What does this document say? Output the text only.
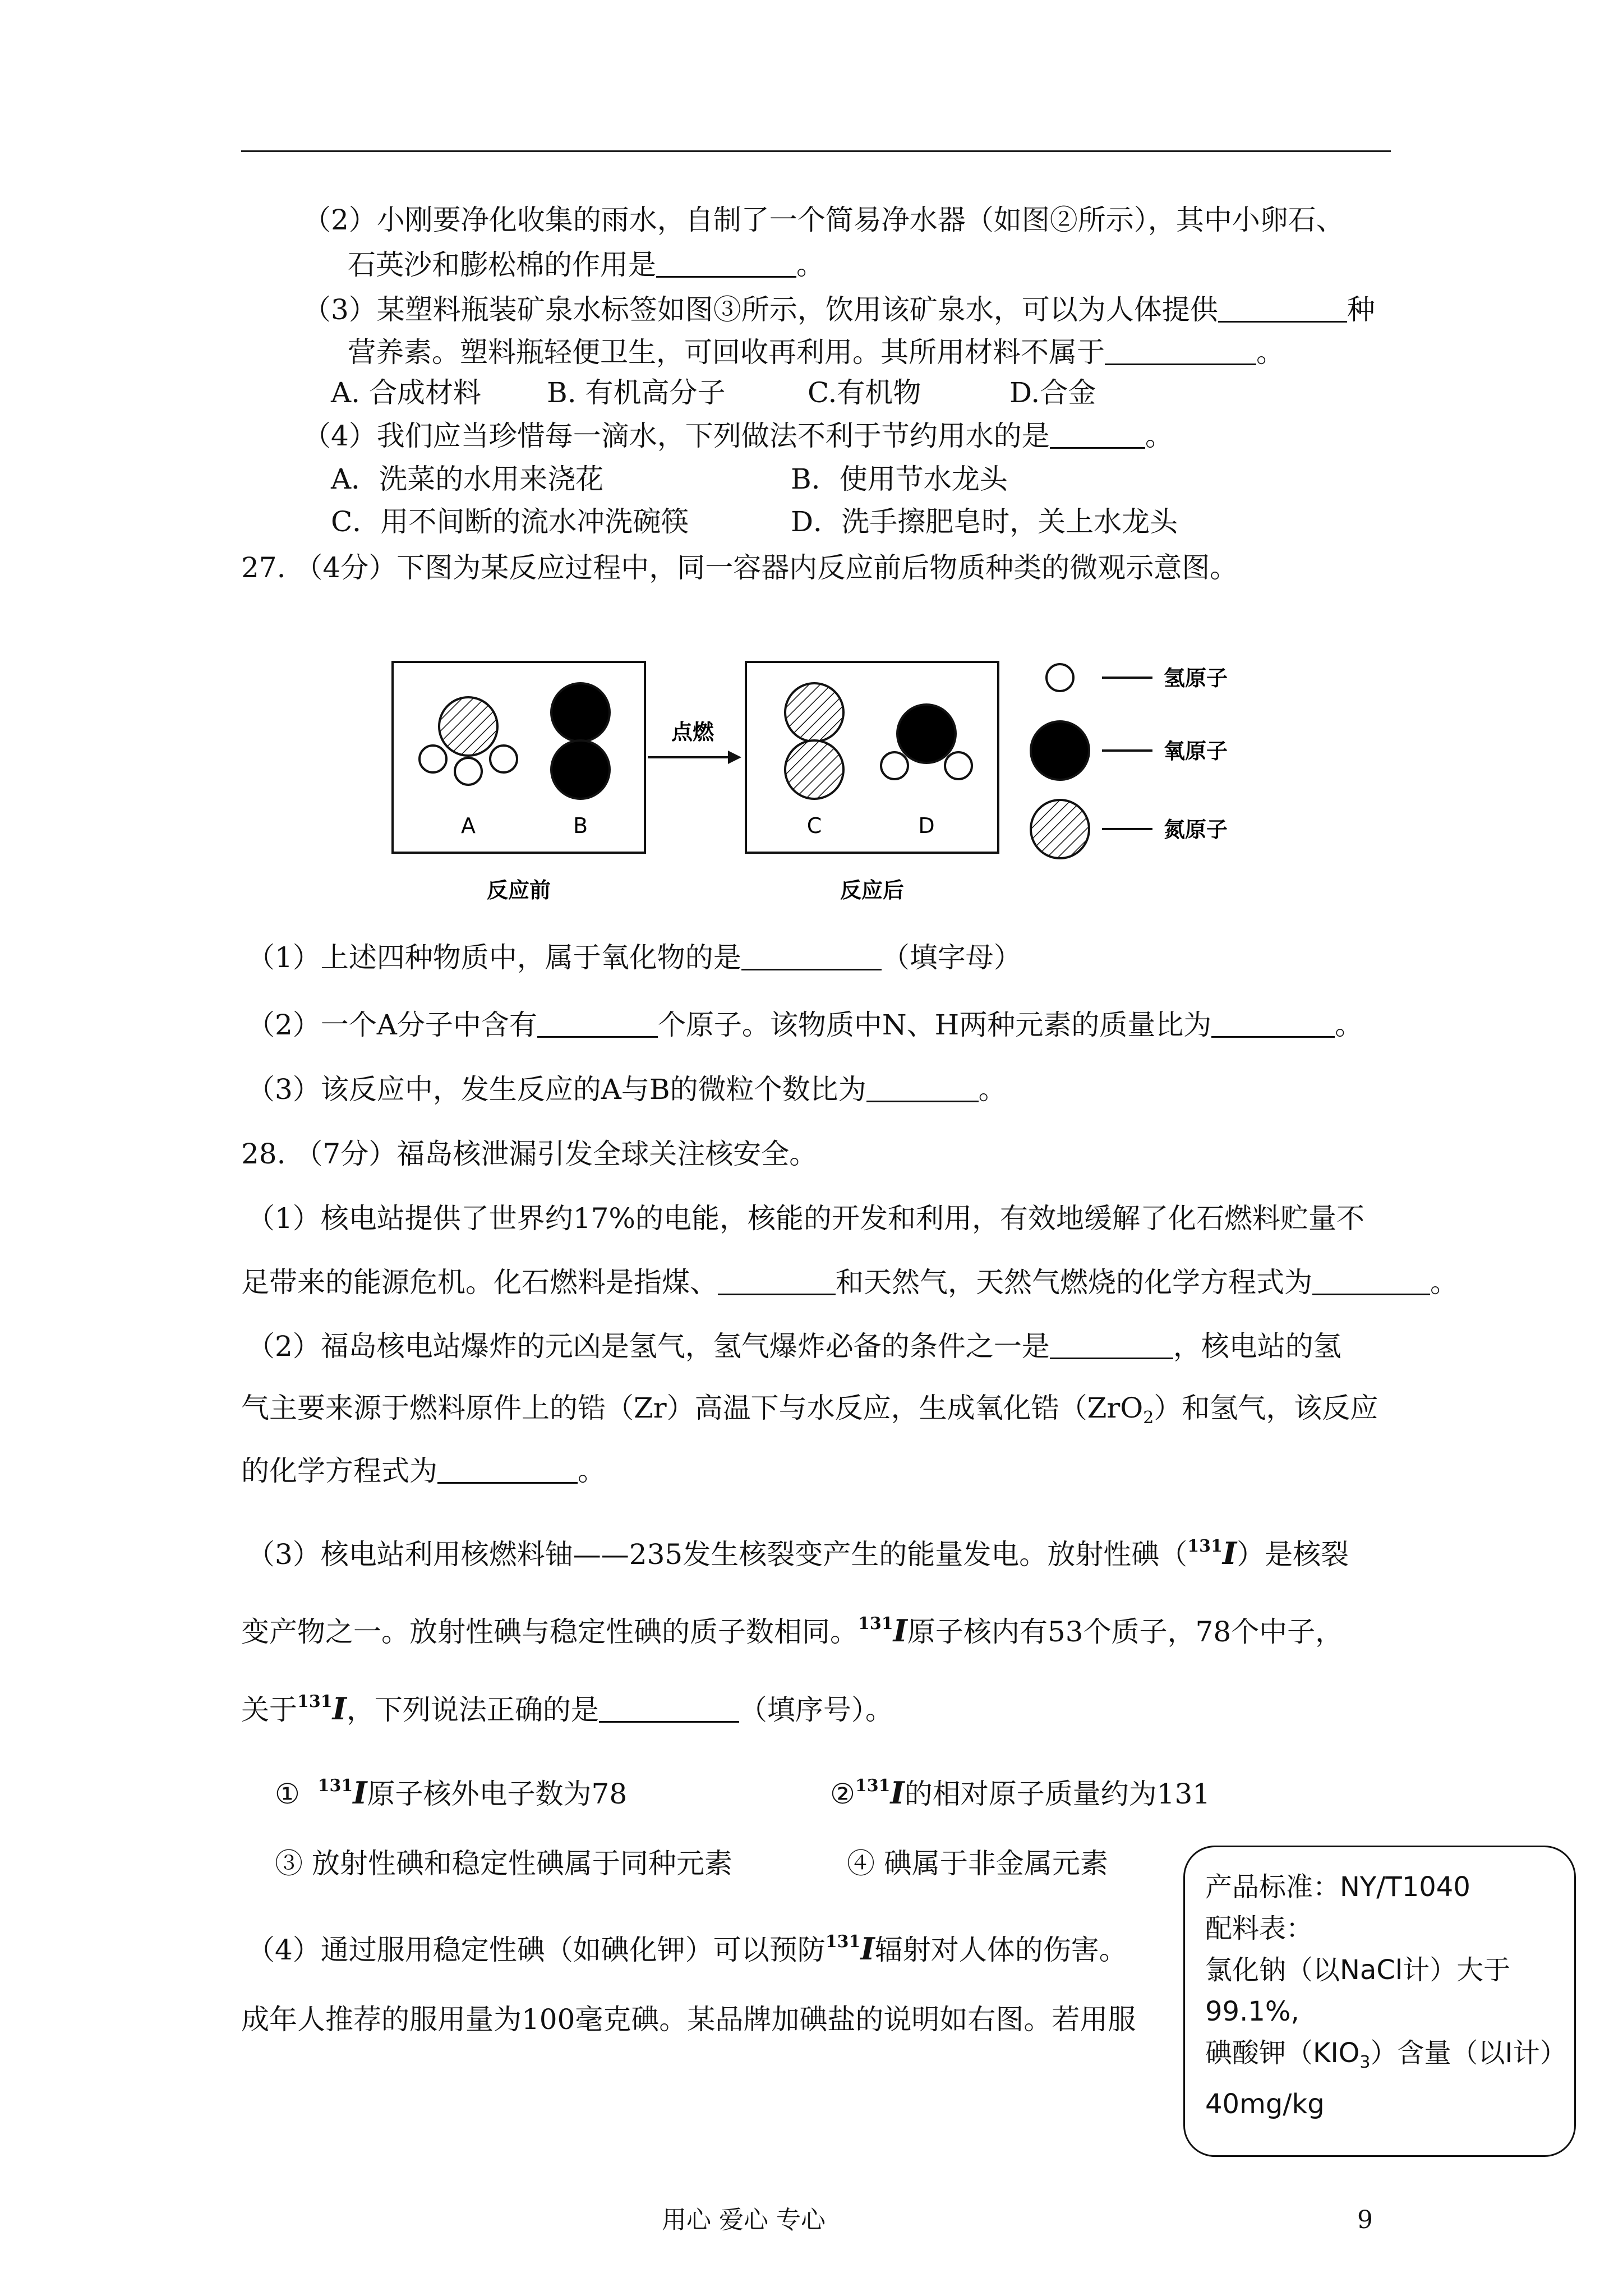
（2）小刚要净化收集的雨水，自制了一个简易净水器（如图②所示），其中小卵石、
石英沙和膨松棉的作用是	。
（3）某塑料瓶装矿泉水标签如图③所示，饮用该矿泉水，可以为人体提供	种
营养素。塑料瓶轻便卫生，可回收再利用。其所用材料不属于	。
A. 合成材料 B. 有机高分子	C.有机物	D.合金
（4）我们应当珍惜每一滴水，下列做法不利于节约用水的是	。
A．洗菜的水用来浇花	B．使用节水龙头
C．用不间断的流水冲洗碗筷	D．洗手擦肥皂时，关上水龙头
27. （4分）下图为某反应过程中，同一容器内反应前后物质种类的微观示意图。
A	B
点燃
C	D
反应前	反应后
氢原子
氧原子
氮原子
（1）上述四种物质中，属于氧化物的是	（填字母）
（2）一个A分子中含有	个原子。该物质中N、H两种元素的质量比为	。
（3）该反应中，发生反应的A与B的微粒个数比为	。
28. （7分）福岛核泄漏引发全球关注核安全。
（1）核电站提供了世界约17%的电能，核能的开发和利用，有效地缓解了化石燃料贮量不
足带来的能源危机。化石燃料是指煤、	和天然气，天然气燃烧的化学方程式为	。
（2）福岛核电站爆炸的元凶是氢气，氢气爆炸必备的条件之一是	，核电站的氢
气主要来源于燃料原件上的锆（Zr）高温下与水反应，生成氧化锆（ZrO$_2$）和氢气，该反应
的化学方程式为	。
（3）核电站利用核燃料铀——235发生核裂变产生的能量发电。放射性碘（$^{131}$I）是核裂
变产物之一。放射性碘与稳定性碘的质子数相同。$^{131}$I原子核内有53个质子，78个中子，
关于$^{131}$I，下列说法正确的是	（填序号）。
① $^{131}$I原子核外电子数为78	②$^{131}$I的相对原子质量约为131
③ 放射性碘和稳定性碘属于同种元素	④ 碘属于非金属元素
（4）通过服用稳定性碘（如碘化钾）可以预防$^{131}$I辐射对人体的伤害。
成年人推荐的服用量为100毫克碘。某品牌加碘盐的说明如右图。若用服
产品标准：NY/T1040
配料表：
氯化钠（以NaCl计）大于99.1%,
碘酸钾$(KIO_3)$含量（以I计）40mg/kg
用心 爱心 专心	9
